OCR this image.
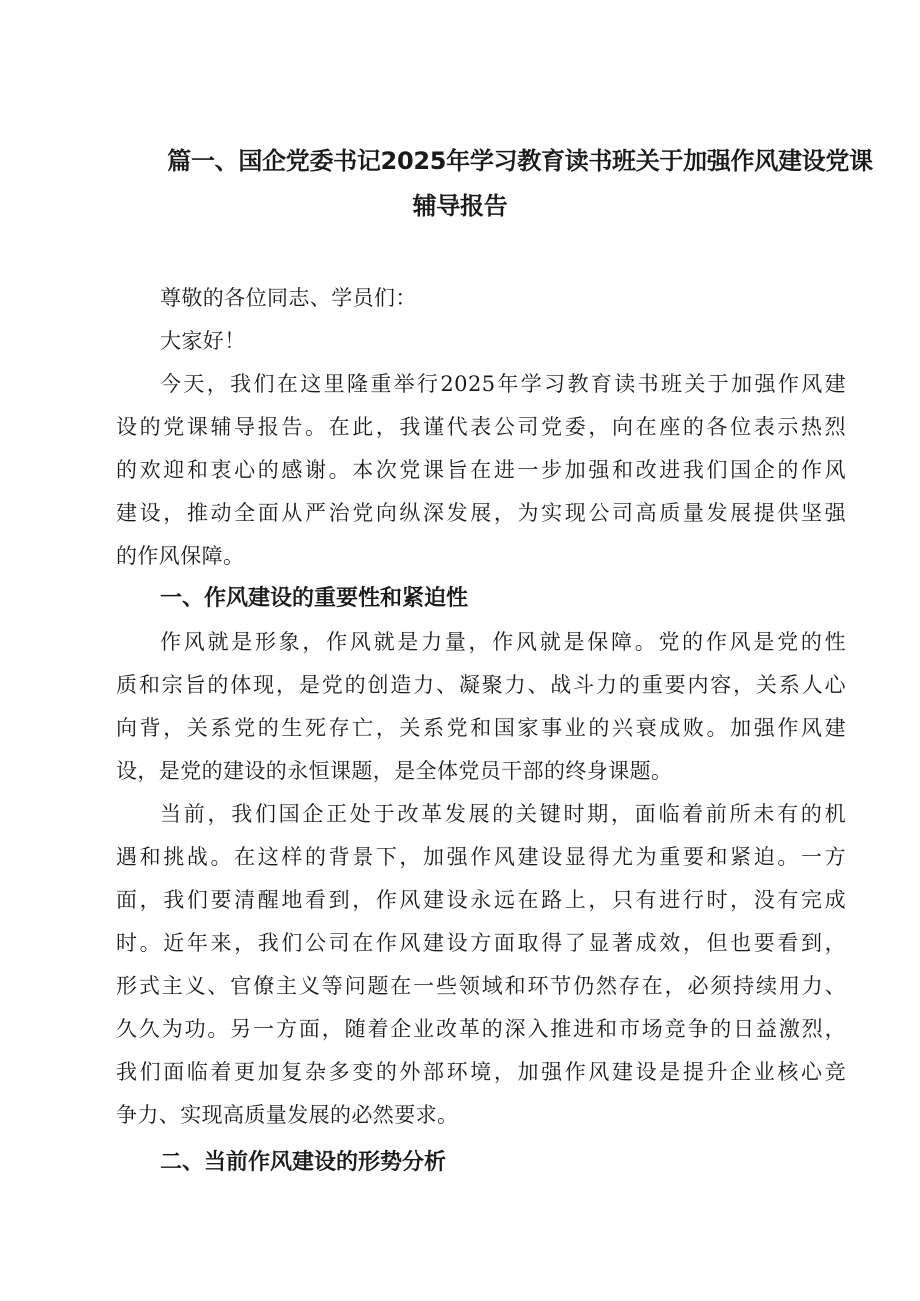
篇一、国企党委书记2025年学习教育读书班关于加强作风建设党课
辅导报告
尊敬的各位同志、学员们：
大家好！
今天，我们在这里隆重举行2025年学习教育读书班关于加强作风建
设的党课辅导报告。在此，我谨代表公司党委，向在座的各位表示热烈
的欢迎和衷心的感谢。本次党课旨在进一步加强和改进我们国企的作风
建设，推动全面从严治党向纵深发展，为实现公司高质量发展提供坚强
的作风保障。
一、作风建设的重要性和紧迫性
作风就是形象，作风就是力量，作风就是保障。党的作风是党的性
质和宗旨的体现，是党的创造力、凝聚力、战斗力的重要内容，关系人心
向背，关系党的生死存亡，关系党和国家事业的兴衰成败。加强作风建
设，是党的建设的永恒课题，是全体党员干部的终身课题。
当前，我们国企正处于改革发展的关键时期，面临着前所未有的机
遇和挑战。在这样的背景下，加强作风建设显得尤为重要和紧迫。一方
面，我们要清醒地看到，作风建设永远在路上，只有进行时，没有完成
时。近年来，我们公司在作风建设方面取得了显著成效，但也要看到，
形式主义、官僚主义等问题在一些领域和环节仍然存在，必须持续用力、
久久为功。另一方面，随着企业改革的深入推进和市场竞争的日益激烈，
我们面临着更加复杂多变的外部环境，加强作风建设是提升企业核心竞
争力、实现高质量发展的必然要求。
二、当前作风建设的形势分析
